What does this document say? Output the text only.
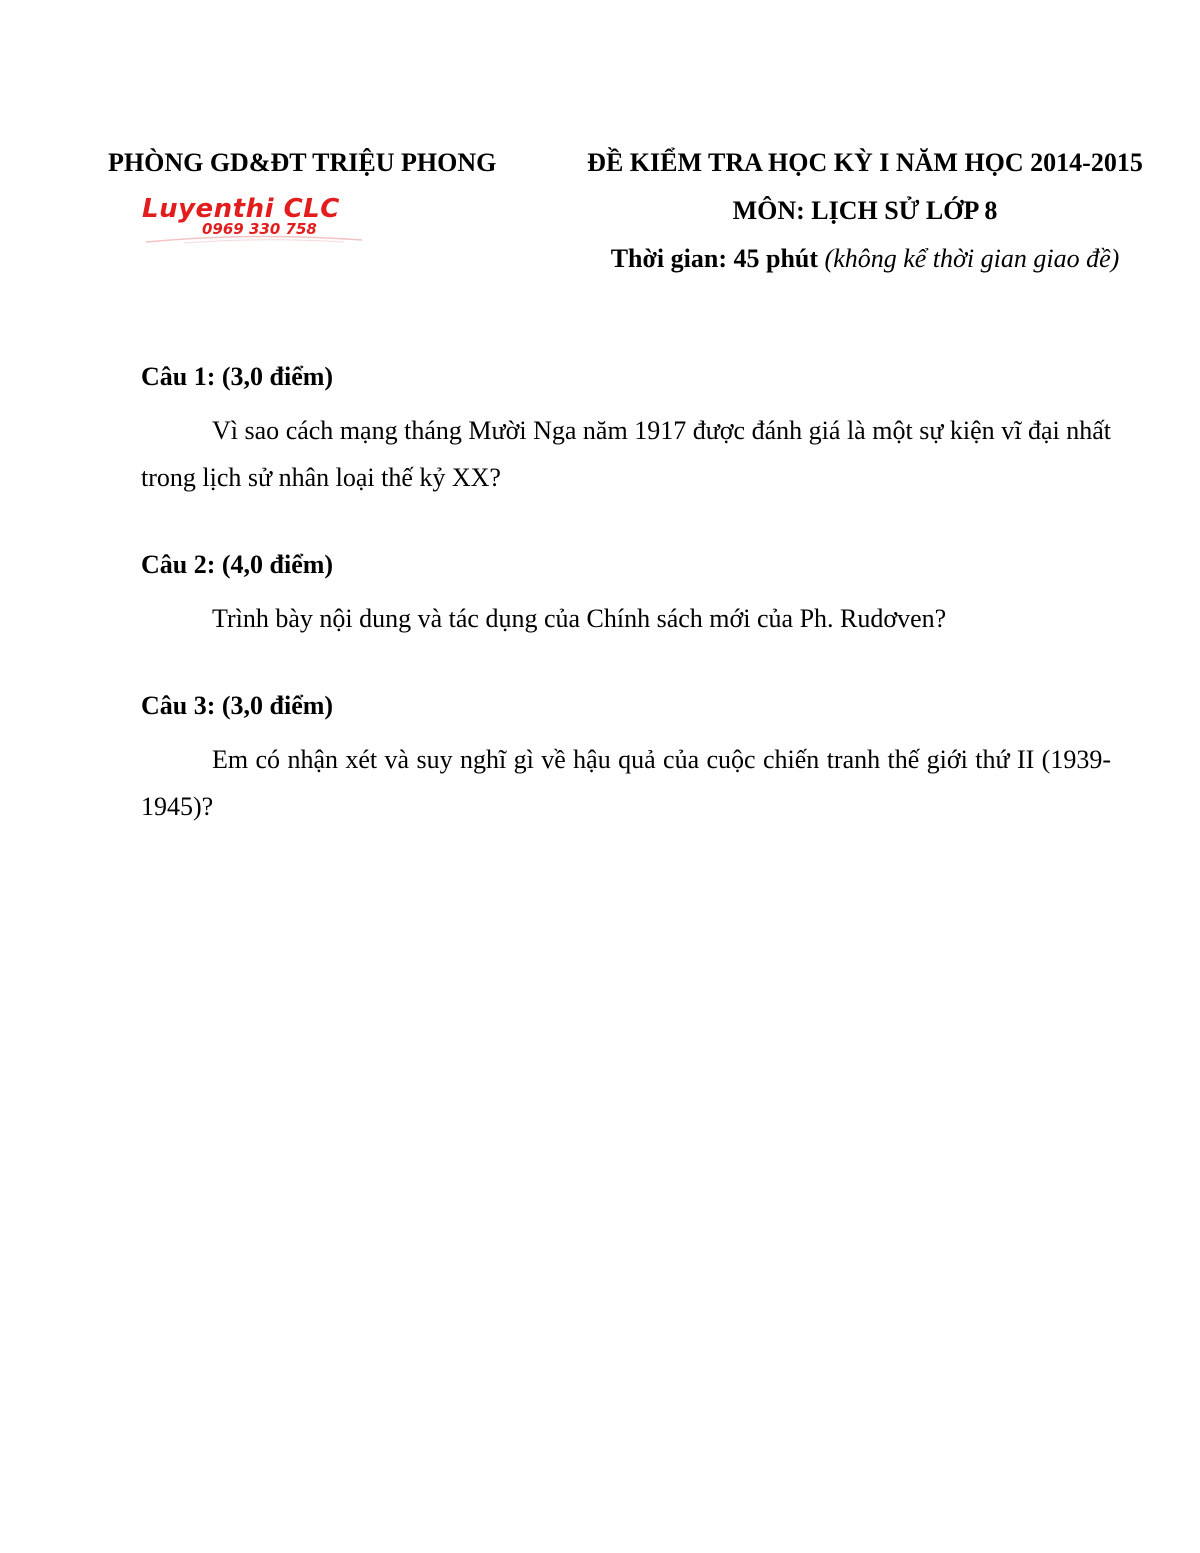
PHÒNG GD&ĐT TRIỆU PHONG
Luyenthi CLC
0969 330 758
ĐỀ KIỂM TRA HỌC KỲ I NĂM HỌC 2014-2015
MÔN: LỊCH SỬ LỚP 8
Thời gian: 45 phút (không kể thời gian giao đề)
Câu 1: (3,0 điểm)
Vì sao cách mạng tháng Mười Nga năm 1917 được đánh giá là một sự kiện vĩ đại nhất trong lịch sử nhân loại thế kỷ XX?
Câu 2: (4,0 điểm)
Trình bày nội dung và tác dụng của Chính sách mới của Ph. Rudơven?
Câu 3: (3,0 điểm)
Em có nhận xét và suy nghĩ gì về hậu quả của cuộc chiến tranh thế giới thứ II (1939-1945)?
